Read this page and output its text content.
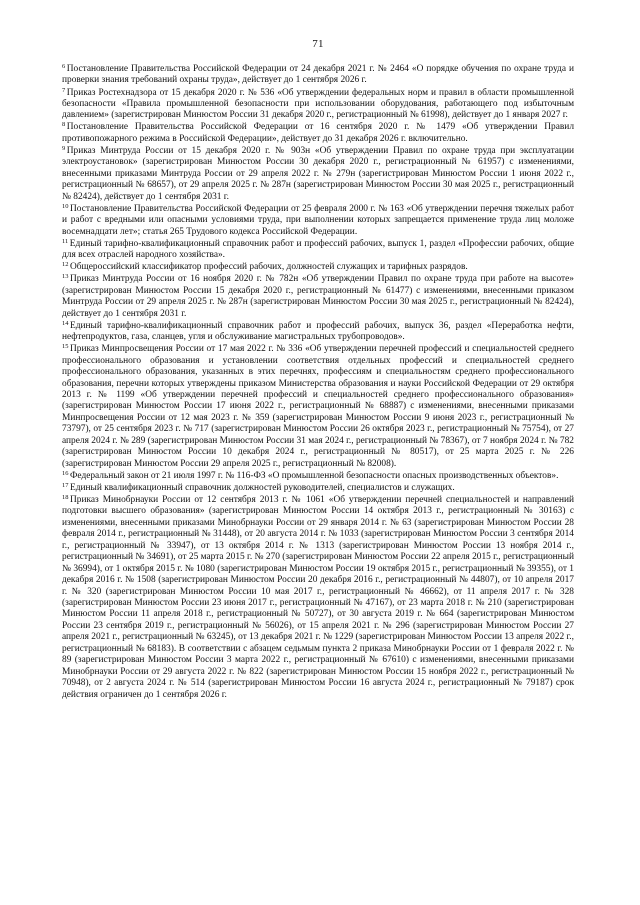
71

$^6$ Постановление Правительства Российской Федерации от 24 декабря 2021 г. № 2464 «О порядке обучения по охране труда и проверки знания требований охраны труда», действует до 1 сентября 2026 г.

$^7$ Приказ Ростехнадзора от 15 декабря 2020 г. № 536 «Об утверждении федеральных норм и правил в области промышленной безопасности «Правила промышленной безопасности при использовании оборудования, работающего под избыточным давлением» (зарегистрирован Минюстом России 31 декабря 2020 г., регистрационный № 61998), действует до 1 января 2027 г.

$^8$ Постановление Правительства Российской Федерации от 16 сентября 2020 г. № 1479 «Об утверждении Правил противопожарного режима в Российской Федерации», действует до 31 декабря 2026 г. включительно.

$^9$ Приказ Минтруда России от 15 декабря 2020 г. № 903н «Об утверждении Правил по охране труда при эксплуатации электроустановок» (зарегистрирован Минюстом России 30 декабря 2020 г., регистрационный № 61957) с изменениями, внесенными приказами Минтруда России от 29 апреля 2022 г. № 279н (зарегистрирован Минюстом России 1 июня 2022 г., регистрационный № 68657), от 29 апреля 2025 г. № 287н (зарегистрирован Минюстом России 30 мая 2025 г., регистрационный № 82424), действует до 1 сентября 2031 г.

$^{10}$ Постановление Правительства Российской Федерации от 25 февраля 2000 г. № 163 «Об утверждении перечня тяжелых работ и работ с вредными или опасными условиями труда, при выполнении которых запрещается применение труда лиц моложе восемнадцати лет»; статья 265 Трудового кодекса Российской Федерации.

$^{11}$ Единый тарифно-квалификационный справочник работ и профессий рабочих, выпуск 1, раздел «Профессии рабочих, общие для всех отраслей народного хозяйства».

$^{12}$ Общероссийский классификатор профессий рабочих, должностей служащих и тарифных разрядов.

$^{13}$ Приказ Минтруда России от 16 ноября 2020 г. № 782н «Об утверждении Правил по охране труда при работе на высоте» (зарегистрирован Минюстом России 15 декабря 2020 г., регистрационный № 61477) с изменениями, внесенными приказом Минтруда России от 29 апреля 2025 г. № 287н (зарегистрирован Минюстом России 30 мая 2025 г., регистрационный № 82424), действует до 1 сентября 2031 г.

$^{14}$ Единый тарифно-квалификационный справочник работ и профессий рабочих, выпуск 36, раздел «Переработка нефти, нефтепродуктов, газа, сланцев, угля и обслуживание магистральных трубопроводов».

$^{15}$ Приказ Минпросвещения России от 17 мая 2022 г. № 336 «Об утверждении перечней профессий и специальностей среднего профессионального образования и установлении соответствия отдельных профессий и специальностей среднего профессионального образования, указанных в этих перечнях, профессиям и специальностям среднего профессионального образования, перечни которых утверждены приказом Министерства образования и науки Российской Федерации от 29 октября 2013 г. № 1199 «Об утверждении перечней профессий и специальностей среднего профессионального образования» (зарегистрирован Минюстом России 17 июня 2022 г., регистрационный № 68887) с изменениями, внесенными приказами Минпросвещения России от 12 мая 2023 г. № 359 (зарегистрирован Минюстом России 9 июня 2023 г., регистрационный № 73797), от 25 сентября 2023 г. № 717 (зарегистрирован Минюстом России 26 октября 2023 г., регистрационный № 75754), от 27 апреля 2024 г. № 289 (зарегистрирован Минюстом России 31 мая 2024 г., регистрационный № 78367), от 7 ноября 2024 г. № 782 (зарегистрирован Минюстом России 10 декабря 2024 г., регистрационный № 80517), от 25 марта 2025 г. № 226 (зарегистрирован Минюстом России 29 апреля 2025 г., регистрационный № 82008).

$^{16}$ Федеральный закон от 21 июля 1997 г. № 116-ФЗ «О промышленной безопасности опасных производственных объектов».

$^{17}$ Единый квалификационный справочник должностей руководителей, специалистов и служащих.

$^{18}$ Приказ Минобрнауки России от 12 сентября 2013 г. № 1061 «Об утверждении перечней специальностей и направлений подготовки высшего образования» (зарегистрирован Минюстом России 14 октября 2013 г., регистрационный № 30163) с изменениями, внесенными приказами Минобрнауки России от 29 января 2014 г. № 63 (зарегистрирован Минюстом России 28 февраля 2014 г., регистрационный № 31448), от 20 августа 2014 г. № 1033 (зарегистрирован Минюстом России 3 сентября 2014 г., регистрационный № 33947), от 13 октября 2014 г. № 1313 (зарегистрирован Минюстом России 13 ноября 2014 г., регистрационный № 34691), от 25 марта 2015 г. № 270 (зарегистрирован Минюстом России 22 апреля 2015 г., регистрационный № 36994), от 1 октября 2015 г. № 1080 (зарегистрирован Минюстом России 19 октября 2015 г., регистрационный № 39355), от 1 декабря 2016 г. № 1508 (зарегистрирован Минюстом России 20 декабря 2016 г., регистрационный № 44807), от 10 апреля 2017 г. № 320 (зарегистрирован Минюстом России 10 мая 2017 г., регистрационный № 46662), от 11 апреля 2017 г. № 328 (зарегистрирован Минюстом России 23 июня 2017 г., регистрационный № 47167), от 23 марта 2018 г. № 210 (зарегистрирован Минюстом России 11 апреля 2018 г., регистрационный № 50727), от 30 августа 2019 г. № 664 (зарегистрирован Минюстом России 23 сентября 2019 г., регистрационный № 56026), от 15 апреля 2021 г. № 296 (зарегистрирован Минюстом России 27 апреля 2021 г., регистрационный № 63245), от 13 декабря 2021 г. № 1229 (зарегистрирован Минюстом России 13 апреля 2022 г., регистрационный № 68183). В соответствии с абзацем седьмым пункта 2 приказа Минобрнауки России от 1 февраля 2022 г. № 89 (зарегистрирован Минюстом России 3 марта 2022 г., регистрационный № 67610) с изменениями, внесенными приказами Минобрнауки России от 29 августа 2022 г. № 822 (зарегистрирован Минюстом России 15 ноября 2022 г., регистрационный № 70948), от 2 августа 2024 г. № 514 (зарегистрирован Минюстом России 16 августа 2024 г., регистрационный № 79187) срок действия ограничен до 1 сентября 2026 г.
